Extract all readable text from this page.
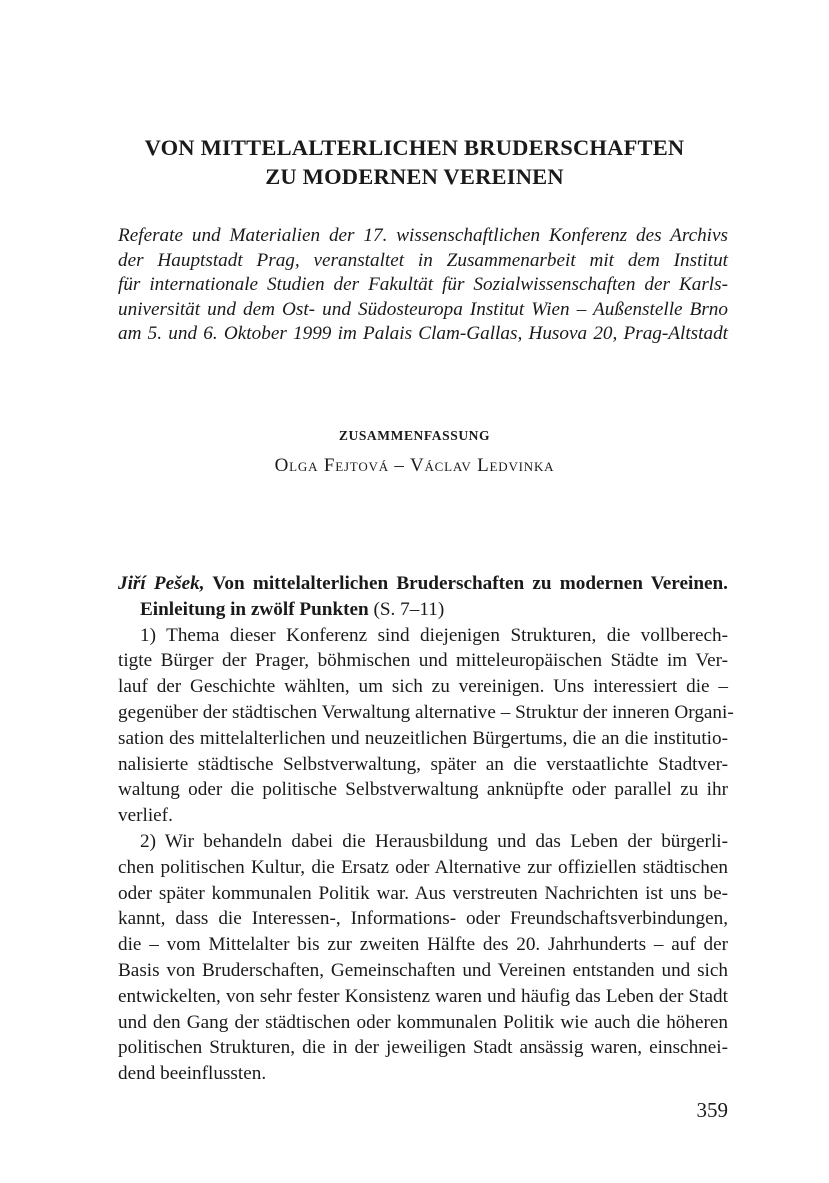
VON MITTELALTERLICHEN BRUDERSCHAFTEN
ZU MODERNEN VEREINEN
Referate und Materialien der 17. wissenschaftlichen Konferenz des Archivs
der Hauptstadt Prag, veranstaltet in Zusammenarbeit mit dem Institut
für internationale Studien der Fakultät für Sozialwissenschaften der Karls-
universität und dem Ost- und Südosteuropa Institut Wien – Außenstelle Brno
am 5. und 6. Oktober 1999 im Palais Clam-Gallas, Husova 20, Prag-Altstadt
ZUSAMMENFASSUNG
Olga Fejtová – Václav Ledvinka
Jiří Pešek, Von mittelalterlichen Bruderschaften zu modernen Vereinen.
Einleitung in zwölf Punkten (S. 7–11)
1) Thema dieser Konferenz sind diejenigen Strukturen, die vollberech-
tigte Bürger der Prager, böhmischen und mitteleuropäischen Städte im Ver-
lauf der Geschichte wählten, um sich zu vereinigen. Uns interessiert die –
gegenüber der städtischen Verwaltung alternative – Struktur der inneren Organi-
sation des mittelalterlichen und neuzeitlichen Bürgertums, die an die institutio-
nalisierte städtische Selbstverwaltung, später an die verstaatlichte Stadtver-
waltung oder die politische Selbstverwaltung anknüpfte oder parallel zu ihr
verlief.
2) Wir behandeln dabei die Herausbildung und das Leben der bürgerli-
chen politischen Kultur, die Ersatz oder Alternative zur offiziellen städtischen
oder später kommunalen Politik war. Aus verstreuten Nachrichten ist uns be-
kannt, dass die Interessen-, Informations- oder Freundschaftsverbindungen,
die – vom Mittelalter bis zur zweiten Hälfte des 20. Jahrhunderts – auf der
Basis von Bruderschaften, Gemeinschaften und Vereinen entstanden und sich
entwickelten, von sehr fester Konsistenz waren und häufig das Leben der Stadt
und den Gang der städtischen oder kommunalen Politik wie auch die höheren
politischen Strukturen, die in der jeweiligen Stadt ansässig waren, einschnei-
dend beeinflussten.
359
